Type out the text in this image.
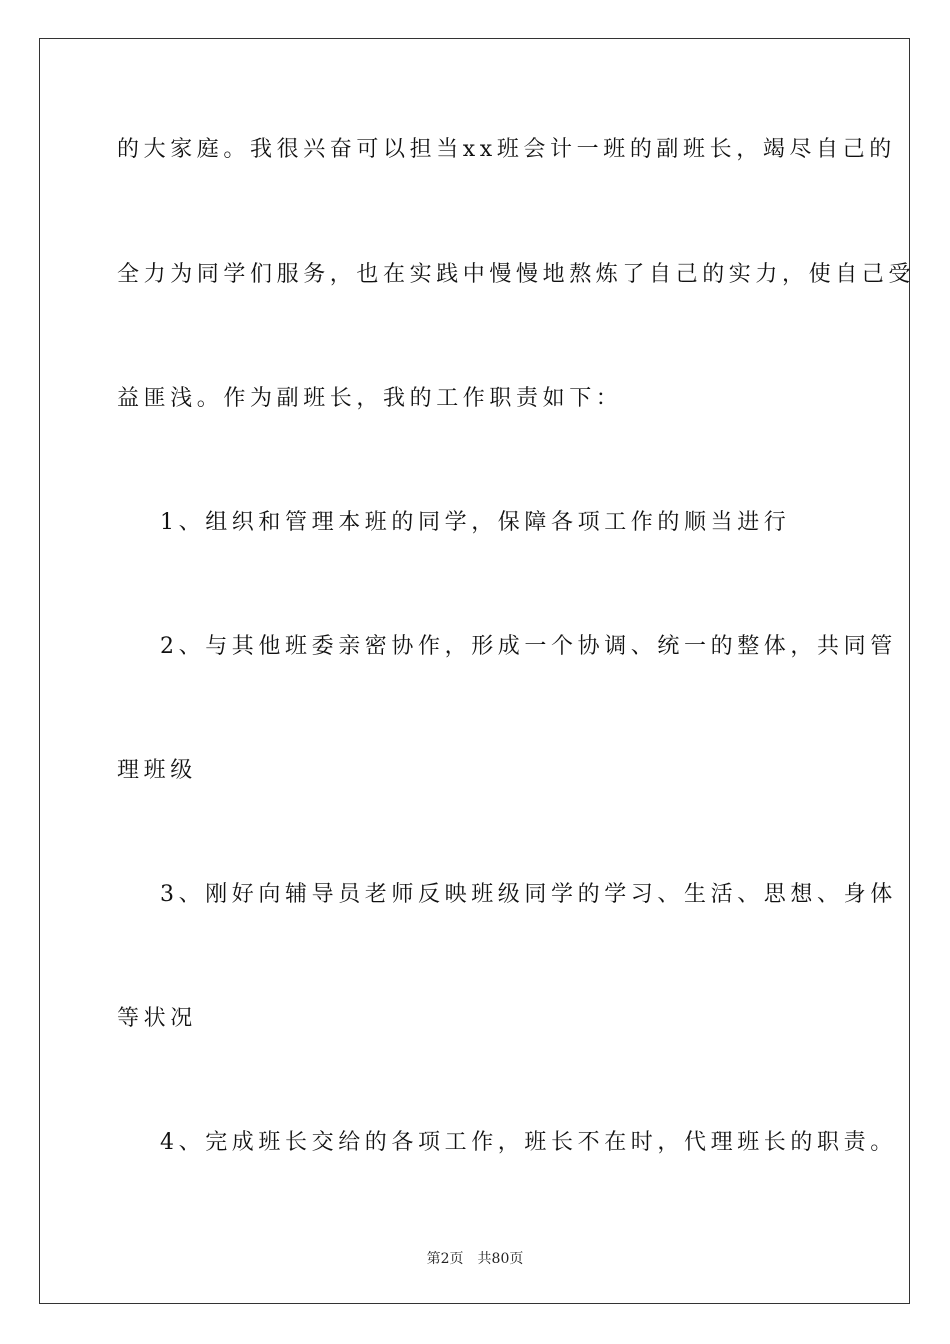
的大家庭。我很兴奋可以担当xx班会计一班的副班长，竭尽自己的
全力为同学们服务，也在实践中慢慢地熬炼了自己的实力，使自己受
益匪浅。作为副班长，我的工作职责如下：
1、组织和管理本班的同学，保障各项工作的顺当进行
2、与其他班委亲密协作，形成一个协调、统一的整体，共同管
理班级
3、刚好向辅导员老师反映班级同学的学习、生活、思想、身体
等状况
4、完成班长交给的各项工作，班长不在时，代理班长的职责。
第2页 共80页
